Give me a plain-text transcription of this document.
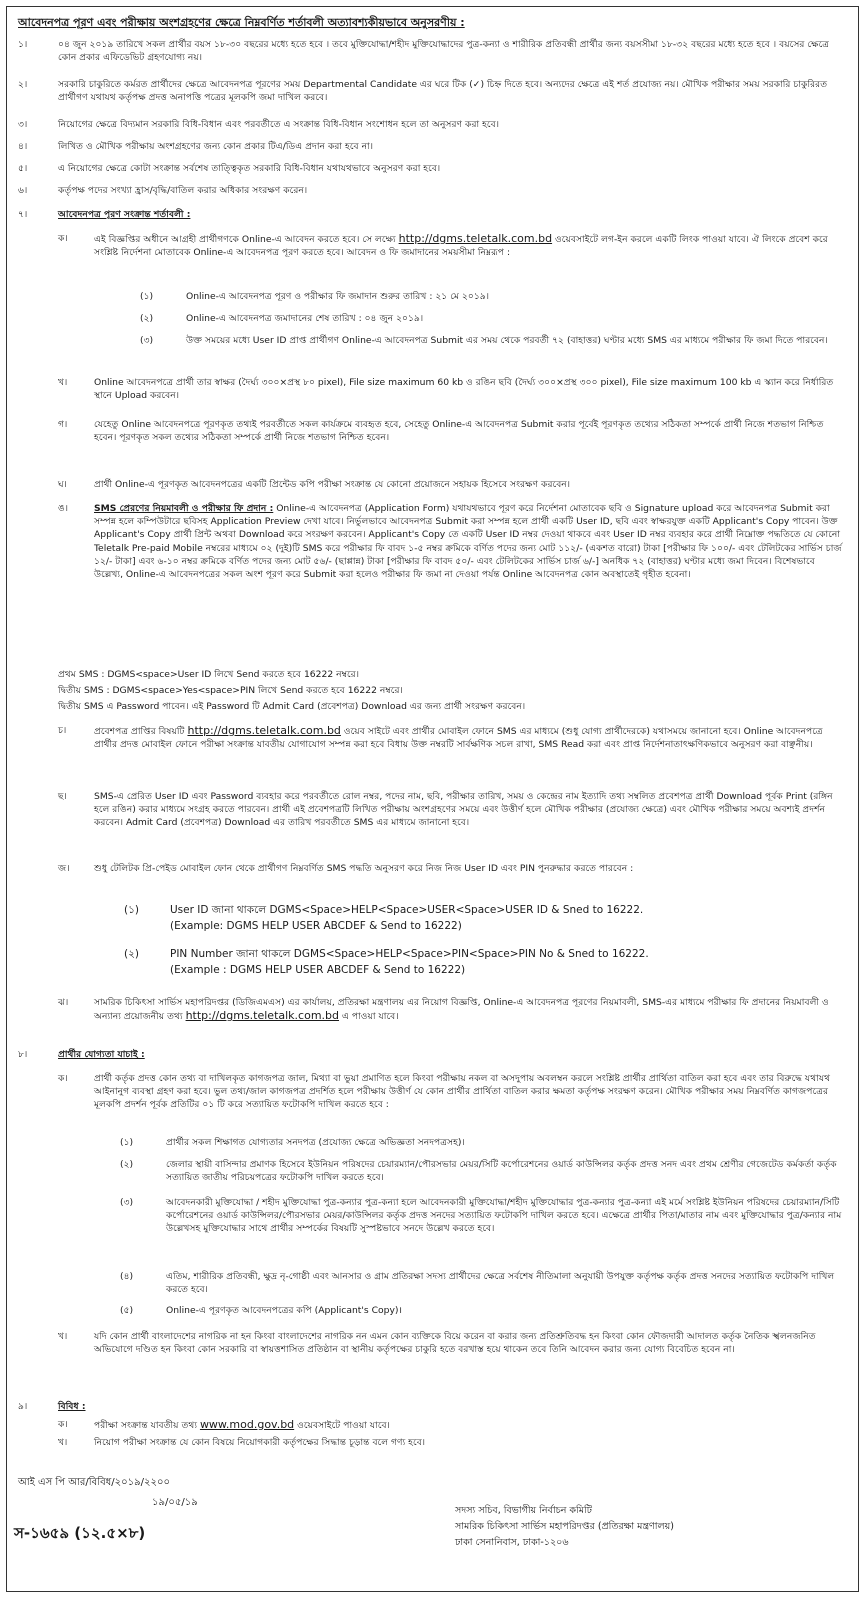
আবেদনপত্র পূরণ এবং পরীক্ষায় অংশগ্রহণের ক্ষেত্রে নিম্নবর্ণিত শর্তাবলী অত্যাবশ্যকীয়ভাবে অনুসরণীয় :
১।	০৪ জুন ২০১৯ তারিখে সকল প্রার্থীর বয়স ১৮-৩০ বছরের মধ্যে হতে হবে । তবে মুক্তিযোদ্ধা/শহীদ মুক্তিযোদ্ধাদের পুত্র-কন্যা ও শারীরিক প্রতিবন্ধী প্রার্থীর জন্য বয়সসীমা ১৮-৩২ বছরের মধ্যে হতে হবে । বয়সের ক্ষেত্রে কোন প্রকার এফিডেভিট গ্রহণযোগ্য নয়।
২।	সরকারি চাকুরিতে কর্মরত প্রার্থীদের ক্ষেত্রে আবেদনপত্র পূরণের সময় Departmental Candidate এর ঘরে টিক (✓) চিহ্ন দিতে হবে। অন্যদের ক্ষেত্রে এই শর্ত প্রযোজ্য নয়। মৌখিক পরীক্ষার সময় সরকারি চাকুরিরত প্রার্থীগণ যথাযথ কর্তৃপক্ষ প্রদত্ত অনাপত্তি পত্রের মূলকপি জমা দাখিল করবে।
৩।	নিয়োগের ক্ষেত্রে বিদ্যমান সরকারি বিধি-বিধান এবং পরবর্তীতে এ সংক্রান্ত বিধি-বিধান সংশোধন হলে তা অনুসরণ করা হবে।
৪।	লিখিত ও মৌখিক পরীক্ষায় অংশগ্রহণের জন্য কোন প্রকার টিএ/ডিএ প্রদান করা হবে না।
৫।	এ নিয়োগের ক্ষেত্রে কোটা সংক্রান্ত সর্বশেষ তাত্ত্বিকৃত সরকারি বিধি-বিধান যথাযথভাবে অনুসরণ করা হবে।
৬।	কর্তৃপক্ষ পদের সংখ্যা হ্রাস/বৃদ্ধি/বাতিল করার অধিকার সংরক্ষণ করেন।
৭।	আবেদনপত্র পূরণ সংক্রান্ত শর্তাবলী :
ক।	এই বিজ্ঞপ্তির অধীনে আগ্রহী প্রার্থীগণকে Online-এ আবেদন করতে হবে। সে লক্ষ্যে http://dgms.teletalk.com.bd ওয়েবসাইটে লগ-ইন করলে একটি লিংক পাওয়া যাবে। ঐ লিংকে প্রবেশ করে সংশ্লিষ্ট নির্দেশনা মোতাবেক Online-এ আবেদনপত্র পূরণ করতে হবে। আবেদন ও ফি জমাদানের সময়সীমা নিম্নরূপ :
(১)	Online-এ আবেদনপত্র পূরণ ও পরীক্ষার ফি জমাদান শুরুর তারিখ : ২১ মে ২০১৯।
(২)	Online-এ আবেদনপত্র জমাদানের শেষ তারিখ : ০৪ জুন ২০১৯।
(৩)	উক্ত সময়ের মধ্যে User ID প্রাপ্ত প্রার্থীগণ Online-এ আবেদনপত্র Submit এর সময় থেকে পরবর্তী ৭২ (বাহাত্তর) ঘণ্টার মধ্যে SMS এর মাধ্যমে পরীক্ষার ফি জমা দিতে পারবেন।
খ।	Online আবেদনপত্রে প্রার্থী তার স্বাক্ষর (দৈর্ঘ্য ৩০০×প্রস্থ ৮০ pixel), File size maximum 60 kb ও রঙিন ছবি (দৈর্ঘ্য ৩০০×প্রস্থ ৩০০ pixel), File size maximum 100 kb এ স্ক্যান করে নির্ধারিত স্থানে Upload করবেন।
গ।	যেহেতু Online আবেদনপত্রে পূরণকৃত তথ্যই পরবর্তীতে সকল কার্যক্রমে ব্যবহৃত হবে, সেহেতু Online-এ আবেদনপত্র Submit করার পূর্বেই পূরণকৃত তথ্যের সঠিকতা সম্পর্কে প্রার্থী নিজে শতভাগ নিশ্চিত হবেন। পূরণকৃত সকল তথ্যের সঠিকতা সম্পর্কে প্রার্থী নিজে শতভাগ নিশ্চিত হবেন।
ঘ।	প্রার্থী Online-এ পূরণকৃত আবেদনপত্রের একটি প্রিন্টেড কপি পরীক্ষা সংক্রান্ত যে কোনো প্রয়োজনে সহায়ক হিসেবে সংরক্ষণ করবেন।
ঙ।	SMS প্রেরণের নিয়মাবলী ও পরীক্ষার ফি প্রদান : Online-এ আবেদনপত্র (Application Form) যথাযথভাবে পূরণ করে নির্দেশনা মোতাবেক ছবি ও Signature upload করে আবেদনপত্র Submit করা সম্পন্ন হলে কম্পিউটারে ছবিসহ Application Preview দেখা যাবে। নির্ভুলভাবে আবেদনপত্র Submit করা সম্পন্ন হলে প্রার্থী একটি User ID, ছবি এবং স্বাক্ষরযুক্ত একটি Applicant's Copy পাবেন। উক্ত Applicant's Copy প্রার্থী প্রিন্ট অথবা Download করে সংরক্ষণ করবেন। Applicant's Copy তে একটি User ID নম্বর দেওয়া থাকবে এবং User ID নম্বর ব্যবহার করে প্রার্থী নিম্নোক্ত পদ্ধতিতে যে কোনো Teletalk Pre-paid Mobile নম্বরের মাধ্যমে ০২ (দুই)টি SMS করে পরীক্ষার ফি বাবদ ১-৫ নম্বর ক্রমিকে বর্ণিত পদের জন্য মোট ১১২/- (একশত বারো) টাকা [পরীক্ষার ফি ১০০/- এবং টেলিটকের সার্ভিস চার্জ ১২/- টাকা] এবং ৬-১০ নম্বর ক্রমিকে বর্ণিত পদের জন্য মোট ৫৬/- (ছাপ্পান্ন) টাকা [পরীক্ষার ফি বাবদ ৫০/- এবং টেলিটকের সার্ভিস চার্জ ৬/-] অনধিক ৭২ (বাহাত্তর) ঘণ্টার মধ্যে জমা দিবেন। বিশেষভাবে উল্লেখ্য, Online-এ আবেদনপত্রের সকল অংশ পূরণ করে Submit করা হলেও পরীক্ষার ফি জমা না দেওয়া পর্যন্ত Online আবেদনপত্র কোন অবস্থাতেই গৃহীত হবেনা।
প্রথম SMS : DGMS<space>User ID লিখে Send করতে হবে 16222 নম্বরে।
দ্বিতীয় SMS : DGMS<space>Yes<space>PIN লিখে Send করতে হবে 16222 নম্বরে।
দ্বিতীয় SMS এ Password পাবেন। এই Password টি Admit Card (প্রবেশপত্র) Download এর জন্য প্রার্থী সংরক্ষণ করবেন।
চ।	প্রবেশপত্র প্রাপ্তির বিষয়টি http://dgms.teletalk.com.bd ওয়েব সাইটে এবং প্রার্থীর মোবাইল ফোনে SMS এর মাধ্যমে (শুধু যোগ্য প্রার্থীদেরকে) যথাসময়ে জানানো হবে। Online আবেদনপত্রে প্রার্থীর প্রদত্ত মোবাইল ফোনে পরীক্ষা সংক্রান্ত যাবতীয় যোগাযোগ সম্পন্ন করা হবে বিধায় উক্ত নম্বরটি সার্বক্ষণিক সচল রাখা, SMS Read করা এবং প্রাপ্ত নির্দেশনাতাৎক্ষণিকভাবে অনুসরণ করা বাঞ্ছনীয়।
ছ।	SMS-এ প্রেরিত User ID এবং Password ব্যবহার করে পরবর্তীতে রোল নম্বর, পদের নাম, ছবি, পরীক্ষার তারিখ, সময় ও কেন্দ্রের নাম ইত্যাদি তথ্য সম্বলিত প্রবেশপত্র প্রার্থী Download পূর্বক Print (রঙ্গিন হলে রঙিন) করার মাধ্যমে সংগ্রহ করতে পারবেন। প্রার্থী এই প্রবেশপত্রটি লিখিত পরীক্ষায় অংশগ্রহণের সময়ে এবং উত্তীর্ণ হলে মৌখিক পরীক্ষার (প্রযোজ্য ক্ষেত্রে) এবং মৌখিক পরীক্ষার সময়ে অবশ্যই প্রদর্শন করবেন। Admit Card (প্রবেশপত্র) Download এর তারিখ পরবর্তীতে SMS এর মাধ্যমে জানানো হবে।
জ।	শুধু টেলিটক প্রি-পেইড মোবাইল ফোন থেকে প্রার্থীগণ নিম্নবর্ণিত SMS পদ্ধতি অনুসরণ করে নিজ নিজ User ID এবং PIN পুনরুদ্ধার করতে পারবেন :
(১)	User ID জানা থাকলে DGMS<Space>HELP<Space>USER<Space>USER ID & Sned to 16222.
(Example: DGMS HELP USER ABCDEF & Send to 16222)
(২)	PIN Number জানা থাকলে DGMS<Space>HELP<Space>PIN<Space>PIN No & Sned to 16222.
(Example : DGMS HELP USER ABCDEF & Send to 16222)
ঝ।	সামরিক চিকিৎসা সার্ভিস মহাপরিদপ্তর (ডিজিএমএস) এর কার্যালয়, প্রতিরক্ষা মন্ত্রণালয় এর নিয়োগ বিজ্ঞপ্তি, Online-এ আবেদনপত্র পূরণের নিয়মাবলী, SMS-এর মাধ্যমে পরীক্ষার ফি প্রদানের নিয়মাবলী ও অন্যান্য প্রয়োজনীয় তথ্য http://dgms.teletalk.com.bd এ পাওয়া যাবে।
৮।	প্রার্থীর যোগ্যতা যাচাই :
ক।	প্রার্থী কর্তৃক প্রদত্ত কোন তথ্য বা দাখিলকৃত কাগজপত্র জাল, মিথ্যা বা ভুয়া প্রমাণিত হলে কিংবা পরীক্ষায় নকল বা অসদুপায় অবলম্বন করলে সংশ্লিষ্ট প্রার্থীর প্রার্থিতা বাতিল করা হবে এবং তার বিরুদ্ধে যথাযথ আইনানুগ ব্যবস্থা গ্রহণ করা হবে। ভুল তথ্য/জাল কাগজপত্র প্রদর্শিত হলে পরীক্ষায় উত্তীর্ণ যে কোন প্রার্থীর প্রার্থিতা বাতিল করার ক্ষমতা কর্তৃপক্ষ সংরক্ষণ করেন। মৌখিক পরীক্ষার সময় নিম্নবর্ণিত কাগজপত্রের মূলকপি প্রদর্শন পূর্বক প্রতিটির ০১ টি করে সত্যায়িত ফটোকপি দাখিল করতে হবে :
(১)	প্রার্থীর সকল শিক্ষাগত যোগ্যতার সনদপত্র (প্রযোজ্য ক্ষেত্রে অভিজ্ঞতা সনদপত্রসহ)।
(২)	জেলার স্থায়ী বাসিন্দার প্রমাণক হিসেবে ইউনিয়ন পরিষদের চেয়ারম্যান/পৌরসভার মেয়র/সিটি কর্পোরেশনের ওয়ার্ড কাউন্সিলর কর্তৃক প্রদত্ত সনদ এবং প্রথম শ্রেণীর গেজেটেড কর্মকর্তা কর্তৃক সত্যায়িত জাতীয় পরিচয়পত্রের ফটোকপি দাখিল করতে হবে।
(৩)	আবেদনকারী মুক্তিযোদ্ধা / শহীদ মুক্তিযোদ্ধা পুত্র-কন্যার পুত্র-কন্যা হলে আবেদনকারী মুক্তিযোদ্ধা/শহীদ মুক্তিযোদ্ধার পুত্র-কন্যার পুত্র-কন্যা এই মর্মে সংশ্লিষ্ট ইউনিয়ন পরিষদের চেয়ারম্যান/সিটি কর্পোরেশনের ওয়ার্ড কাউন্সিলর/পৌরসভার মেয়র/কাউন্সিলর কর্তৃক প্রদত্ত সনদের সত্যায়িত ফটোকপি দাখিল করতে হবে। এক্ষেত্রে প্রার্থীর পিতা/মাতার নাম এবং মুক্তিযোদ্ধার পুত্র/কন্যার নাম উল্লেখসহ মুক্তিযোদ্ধার সাথে প্রার্থীর সম্পর্কের বিষয়টি সুস্পষ্টভাবে সনদে উল্লেখ করতে হবে।
(৪)	এতিম, শারীরিক প্রতিবন্ধী, ক্ষুদ্র নৃ-গোষ্ঠী এবং আনসার ও গ্রাম প্রতিরক্ষা সদস্য প্রার্থীদের ক্ষেত্রে সর্বশেষ নীতিমালা অনুযায়ী উপযুক্ত কর্তৃপক্ষ কর্তৃক প্রদত্ত সনদের সত্যায়িত ফটোকপি দাখিল করতে হবে।
(৫)	Online-এ পূরণকৃত আবেদনপত্রের কপি (Applicant's Copy)।
খ।	যদি কোন প্রার্থী বাংলাদেশের নাগরিক না হন কিংবা বাংলাদেশের নাগরিক নন এমন কোন ব্যক্তিকে বিয়ে করেন বা করার জন্য প্রতিশ্রুতিবদ্ধ হন কিংবা কোন ফৌজদারী আদালত কর্তৃক নৈতিক স্খলনজনিত অভিযোগে দণ্ডিত হন কিংবা কোন সরকারি বা স্বায়ত্তশাসিত প্রতিষ্ঠান বা স্থানীয় কর্তৃপক্ষের চাকুরি হতে বরখাস্ত হয়ে থাকেন তবে তিনি আবেদন করার জন্য যোগ্য বিবেচিত হবেন না।
৯।	বিবিধ :
ক।	পরীক্ষা সংক্রান্ত যাবতীয় তথ্য www.mod.gov.bd ওয়েবসাইটে পাওয়া যাবে।
খ।	নিয়োগ পরীক্ষা সংক্রান্ত যে কোন বিষয়ে নিয়োগকারী কর্তৃপক্ষের সিদ্ধান্ত চূড়ান্ত বলে গণ্য হবে।
আই এস পি আর/বিবিধ/২০১৯/২২০০
১৯/০৫/১৯
স-১৬৫৯ (১২.৫×৮)
সদস্য সচিব, বিভাগীয় নির্বাচন কমিটি
সামরিক চিকিৎসা সার্ভিস মহাপরিদপ্তর (প্রতিরক্ষা মন্ত্রণালয়)
ঢাকা সেনানিবাস, ঢাকা-১২০৬
